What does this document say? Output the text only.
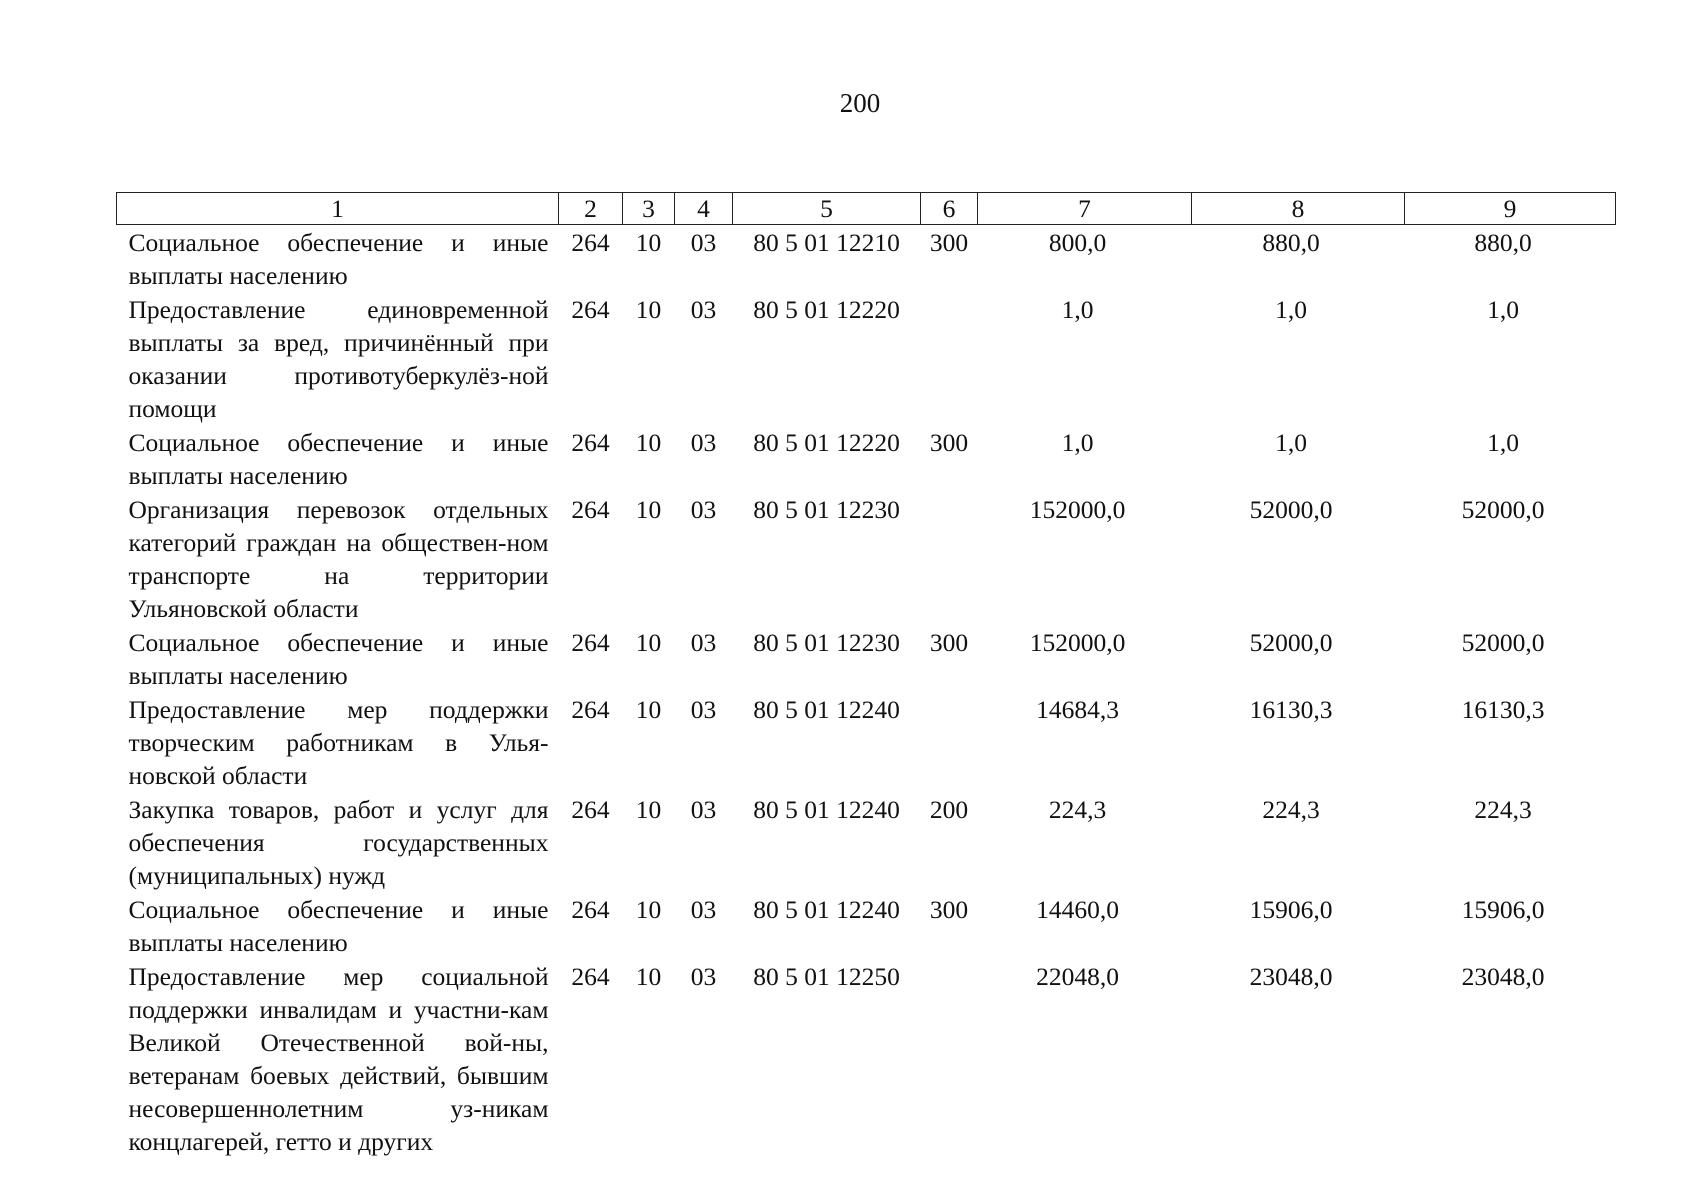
200
1	2	3	4	5	6	7	8	9
Социальное обеспечение и иные выплаты населению	264	10	03	80 5 01 12210	300	800,0	880,0	880,0
Предоставление единовременной выплаты за вред, причинённый при оказании противотуберкулёз-ной помощи	264	10	03	80 5 01 12220		1,0	1,0	1,0
Социальное обеспечение и иные выплаты населению	264	10	03	80 5 01 12220	300	1,0	1,0	1,0
Организация перевозок отдельных категорий граждан на обществен-ном транспорте на территории Ульяновской области	264	10	03	80 5 01 12230		152000,0	52000,0	52000,0
Социальное обеспечение и иные выплаты населению	264	10	03	80 5 01 12230	300	152000,0	52000,0	52000,0
Предоставление мер поддержки творческим работникам в Улья-новской области	264	10	03	80 5 01 12240		14684,3	16130,3	16130,3
Закупка товаров, работ и услуг для обеспечения государственных (муниципальных) нужд	264	10	03	80 5 01 12240	200	224,3	224,3	224,3
Социальное обеспечение и иные выплаты населению	264	10	03	80 5 01 12240	300	14460,0	15906,0	15906,0
Предоставление мер социальной поддержки инвалидам и участни-кам Великой Отечественной вой-ны, ветеранам боевых действий, бывшим несовершеннолетним уз-никам концлагерей, гетто и других	264	10	03	80 5 01 12250		22048,0	23048,0	23048,0
